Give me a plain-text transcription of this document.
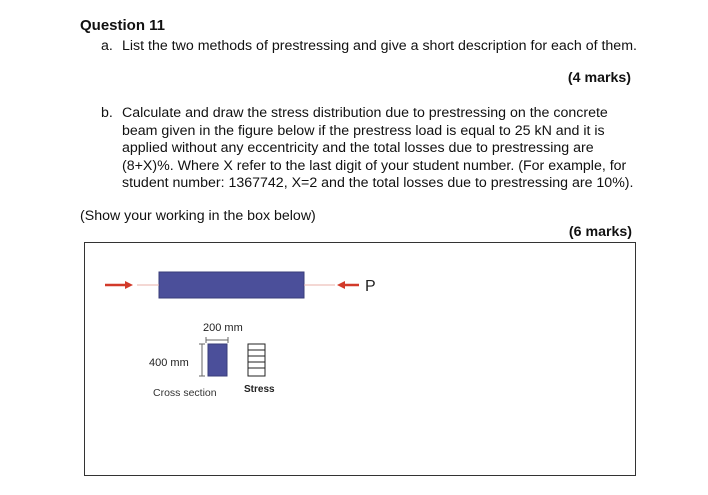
Question 11
a. List the two methods of prestressing and give a short description for each of them.
(4 marks)
b. Calculate and draw the stress distribution due to prestressing on the concrete beam given in the figure below if the prestress load is equal to 25 kN and it is applied without any eccentricity and the total losses due to prestressing are (8+X)%. Where X refer to the last digit of your student number. (For example, for student number: 1367742, X=2 and the total losses due to prestressing are 10%).
(Show your working in the box below)
(6 marks)
P
200 mm
400 mm
Cross section	Stress
